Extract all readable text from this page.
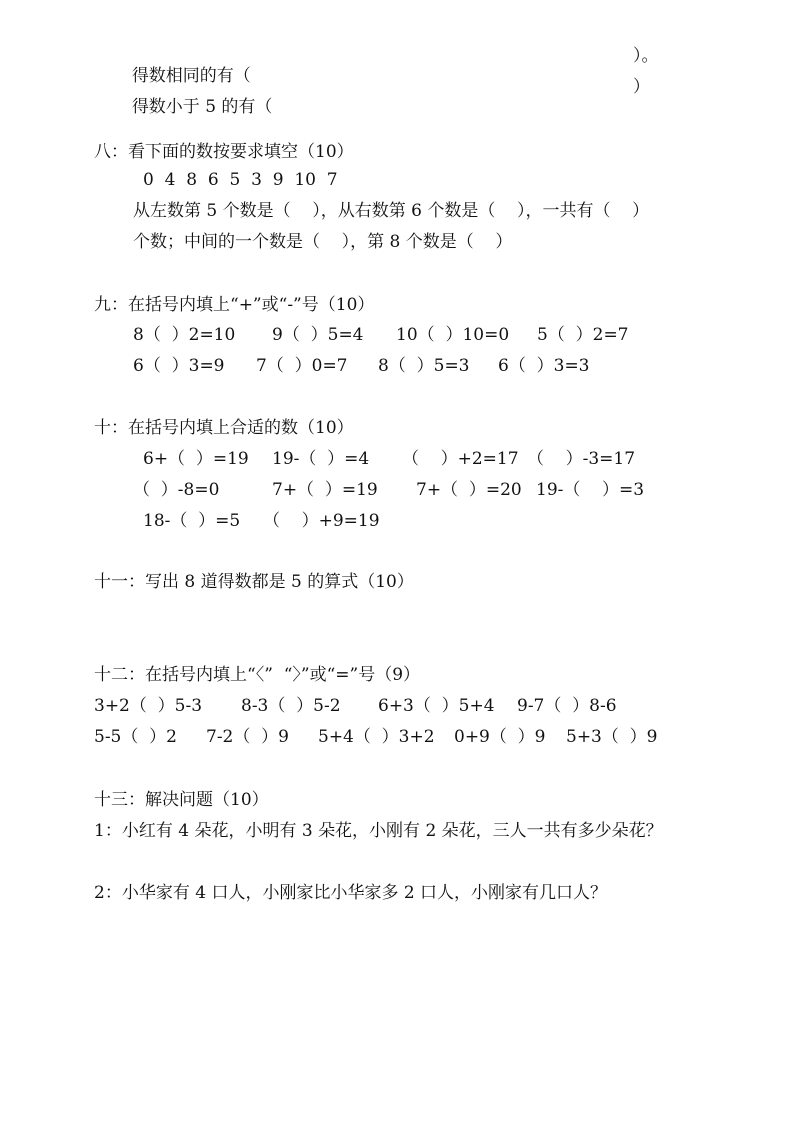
得数相同的有（

）。

得数小于 5 的有（

）
八：看下面的数按要求填空（10）
0  4  8  6  5  3  9  10  7
从左数第 5 个数是（    ），从右数第 6 个数是（    ），一共有（    ）
个数；中间的一个数是（    ），第 8 个数是（    ）
九：在括号内填上“+”或“-”号（10）

8（  ）2=10

9（  ）5=4

10（  ）10=0

5（  ）2=7

6（  ）3=9

7（  ）0=7

8（  ）5=3

6（  ）3=3

十：在括号内填上合适的数（10）

6+（  ）=19

19-（  ）=4

（    ）+2=17

（    ）-3=17

（  ）-8=0

	7+（  ）=19

7+（  ）=20

19-（    ）=3

18-（  ）=5

（    ）+9=19

十一：写出 8 道得数都是 5 的算式（10）
十二：在括号内填上“〈”  “〉”或“=”号（9）

3+2（  ）5-3

8-3（  ）5-2

6+3（  ）5+4

9-7（  ）8-6

5-5（  ）2

7-2（  ）9

5+4（  ）3+2

0+9（  ）9

5+3（  ）9

十三：解决问题（10）
1：小红有 4 朵花，小明有 3 朵花，小刚有 2 朵花，三人一共有多少朵花？
2：小华家有 4 口人，小刚家比小华家多 2 口人，小刚家有几口人？
